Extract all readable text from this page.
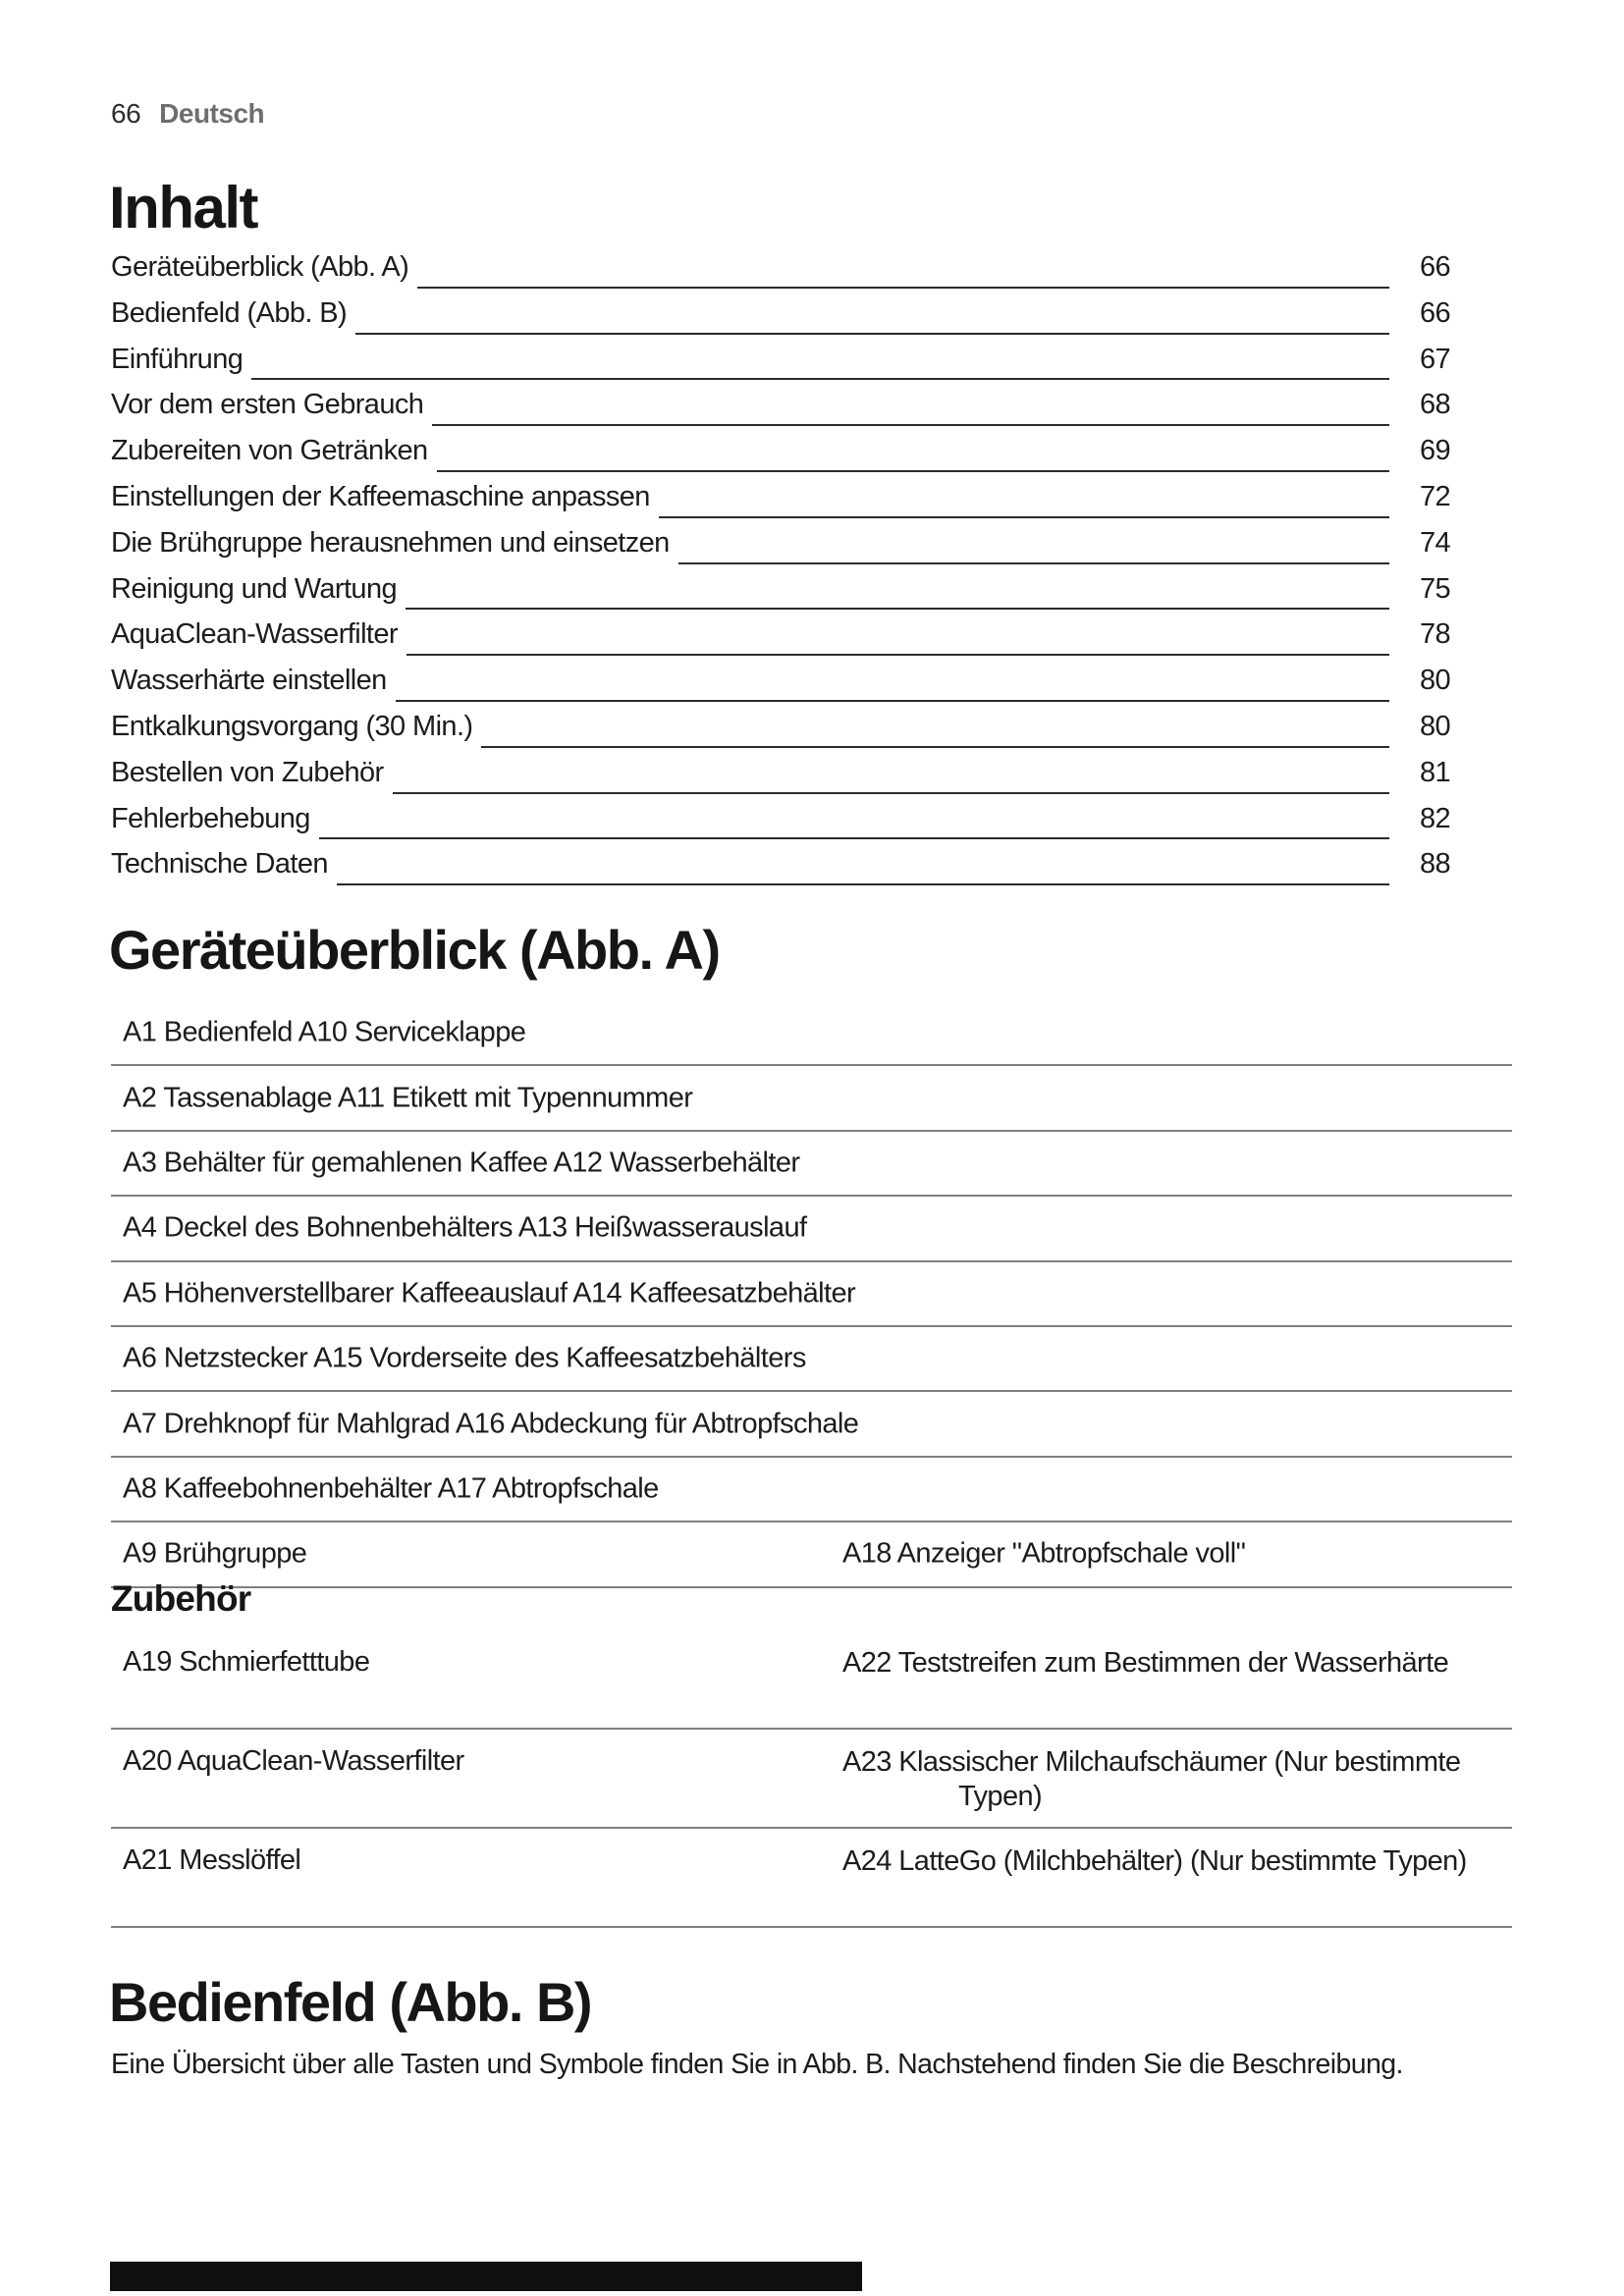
66 Deutsch
Inhalt
Geräteüberblick (Abb. A)	66
Bedienfeld (Abb. B)	66
Einführung	67
Vor dem ersten Gebrauch	68
Zubereiten von Getränken	69
Einstellungen der Kaffeemaschine anpassen	72
Die Brühgruppe herausnehmen und einsetzen	74
Reinigung und Wartung	75
AquaClean-Wasserfilter	78
Wasserhärte einstellen	80
Entkalkungsvorgang (30 Min.)	80
Bestellen von Zubehör	81
Fehlerbehebung	82
Technische Daten	88
Geräteüberblick (Abb. A)
A1 Bedienfeld A10 Serviceklappe
A2 Tassenablage A11 Etikett mit Typennummer
A3 Behälter für gemahlenen Kaffee A12 Wasserbehälter
A4 Deckel des Bohnenbehälters A13 Heißwasserauslauf
A5 Höhenverstellbarer Kaffeeauslauf A14 Kaffeesatzbehälter
A6 Netzstecker A15 Vorderseite des Kaffeesatzbehälters
A7 Drehknopf für Mahlgrad A16 Abdeckung für Abtropfschale
A8 Kaffeebohnenbehälter A17 Abtropfschale
A9 Brühgruppe	A18 Anzeiger "Abtropfschale voll"
Zubehör
A19 Schmierfetttube	A22 Teststreifen zum Bestimmen der Wasserhärte
A20 AquaClean-Wasserfilter	A23 Klassischer Milchaufschäumer (Nur bestimmte Typen)
A21 Messlöffel	A24 LatteGo (Milchbehälter) (Nur bestimmte Typen)
Bedienfeld (Abb. B)
Eine Übersicht über alle Tasten und Symbole finden Sie in Abb. B. Nachstehend finden Sie die Beschreibung.
